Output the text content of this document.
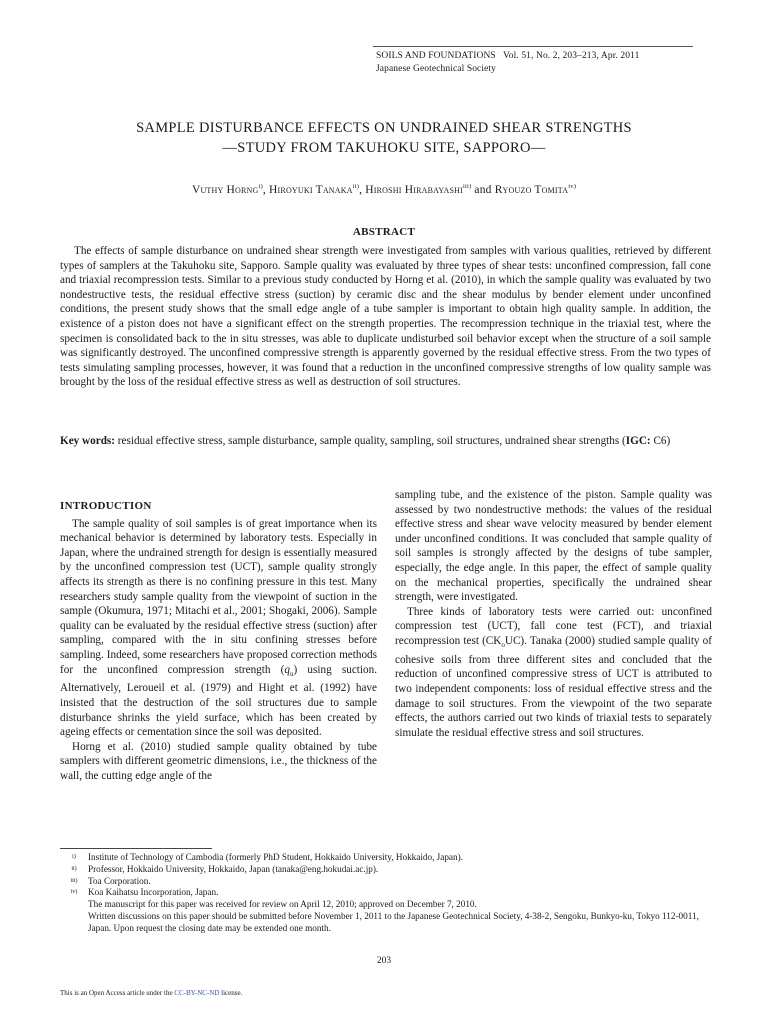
SOILS AND FOUNDATIONS   Vol. 51, No. 2, 203–213, Apr. 2011
Japanese Geotechnical Society
SAMPLE DISTURBANCE EFFECTS ON UNDRAINED SHEAR STRENGTHS
—STUDY FROM TAKUHOKU SITE, SAPPORO—
Vuthy Horng$^{i)}$, Hiroyuki Tanaka$^{ii)}$, Hiroshi Hirabayashi$^{iii)}$ and Ryouzo Tomita$^{iv)}$
ABSTRACT
The effects of sample disturbance on undrained shear strength were investigated from samples with various qualities, retrieved by different types of samplers at the Takuhoku site, Sapporo. Sample quality was evaluated by three types of shear tests: unconfined compression, fall cone and triaxial recompression tests. Similar to a previous study conducted by Horng et al. (2010), in which the sample quality was evaluated by two nondestructive tests, the residual effective stress (suction) by ceramic disc and the shear modulus by bender element under unconfined conditions, the present study shows that the small edge angle of a tube sampler is important to obtain high quality sample. In addition, the existence of a piston does not have a significant effect on the strength properties. The recompression technique in the triaxial test, where the specimen is consolidated back to the in situ stresses, was able to duplicate undisturbed soil behavior except when the structure of a soil sample was significantly destroyed. The unconfined compressive strength is apparently governed by the residual effective stress. From the two types of tests simulating sampling processes, however, it was found that a reduction in the unconfined compressive strengths of low quality sample was brought by the loss of the residual effective stress as well as destruction of soil structures.
Key words: residual effective stress, sample disturbance, sample quality, sampling, soil structures, undrained shear strengths (IGC: C6)
INTRODUCTION

The sample quality of soil samples is of great importance when its mechanical behavior is determined by laboratory tests. Especially in Japan, where the undrained strength for design is essentially measured by the unconfined compression test (UCT), sample quality strongly affects its strength as there is no confining pressure in this test. Many researchers study sample quality from the viewpoint of suction in the sample (Okumura, 1971; Mitachi et al., 2001; Shogaki, 2006). Sample quality can be evaluated by the residual effective stress (suction) after sampling, compared with the in situ confining stresses before sampling. Indeed, some researchers have proposed correction methods for the unconfined compression strength $(q_u)$ using suction. Alternatively, Leroueil et al. (1979) and Hight et al. (1992) have insisted that the destruction of the soil structures due to sample disturbance shrinks the yield surface, which has been created by ageing effects or cementation since the soil was deposited.

Horng et al. (2010) studied sample quality obtained by tube samplers with different geometric dimensions, i.e., the thickness of the wall, the cutting edge angle of the

sampling tube, and the existence of the piston. Sample quality was assessed by two nondestructive methods: the values of the residual effective stress and shear wave velocity measured by bender element under unconfined conditions. It was concluded that sample quality of soil samples is strongly affected by the designs of tube sampler, especially, the edge angle. In this paper, the effect of sample quality on the mechanical properties, specifically the undrained shear strength, were investigated.

Three kinds of laboratory tests were carried out: unconfined compression test (UCT), fall cone test (FCT), and triaxial recompression test $(CK_oUC)$. Tanaka (2000) studied sample quality of cohesive soils from three different sites and concluded that the reduction of unconfined compressive stress of UCT is attributed to two independent components: loss of residual effective stress and the damage to soil structures. From the viewpoint of the two separate effects, the authors carried out two kinds of triaxial tests to separately simulate the residual effective stress and soil structures.

i)	Institute of Technology of Cambodia (formerly PhD Student, Hokkaido University, Hokkaido, Japan).
ii)	Professor, Hokkaido University, Hokkaido, Japan (tanaka@eng.hokudai.ac.jp).
iii)	Toa Corporation.
iv)	Koa Kaihatsu Incorporation, Japan.
The manuscript for this paper was received for review on April 12, 2010; approved on December 7, 2010.
Written discussions on this paper should be submitted before November 1, 2011 to the Japanese Geotechnical Society, 4-38-2, Sengoku, Bunkyo-ku, Tokyo 112-0011, Japan. Upon request the closing date may be extended one month.
203
This is an Open Access article under the CC-BY-NC-ND license.
